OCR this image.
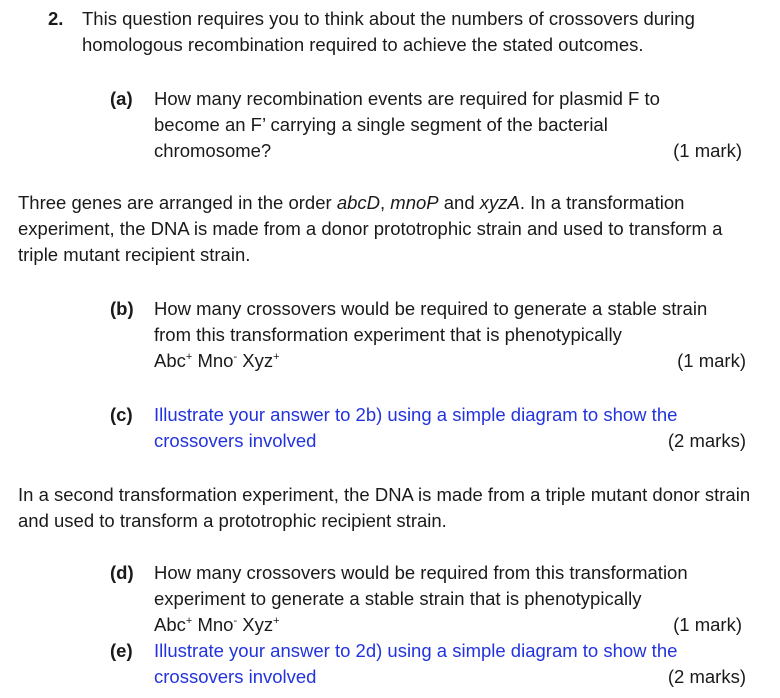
2. This question requires you to think about the numbers of crossovers during homologous recombination required to achieve the stated outcomes.
(a) How many recombination events are required for plasmid F to become an F’ carrying a single segment of the bacterial chromosome?	(1 mark)
Three genes are arranged in the order abcD, mnoP and xyzA. In a transformation experiment, the DNA is made from a donor prototrophic strain and used to transform a triple mutant recipient strain.
(b) How many crossovers would be required to generate a stable strain from this transformation experiment that is phenotypically
Abc+ Mno- Xyz+	(1 mark)
(c) Illustrate your answer to 2b) using a simple diagram to show the crossovers involved	(2 marks)
In a second transformation experiment, the DNA is made from a triple mutant donor strain and used to transform a prototrophic recipient strain.
(d) How many crossovers would be required from this transformation experiment to generate a stable strain that is phenotypically
Abc+ Mno- Xyz+	(1 mark)
(e) Illustrate your answer to 2d) using a simple diagram to show the crossovers involved	(2 marks)
